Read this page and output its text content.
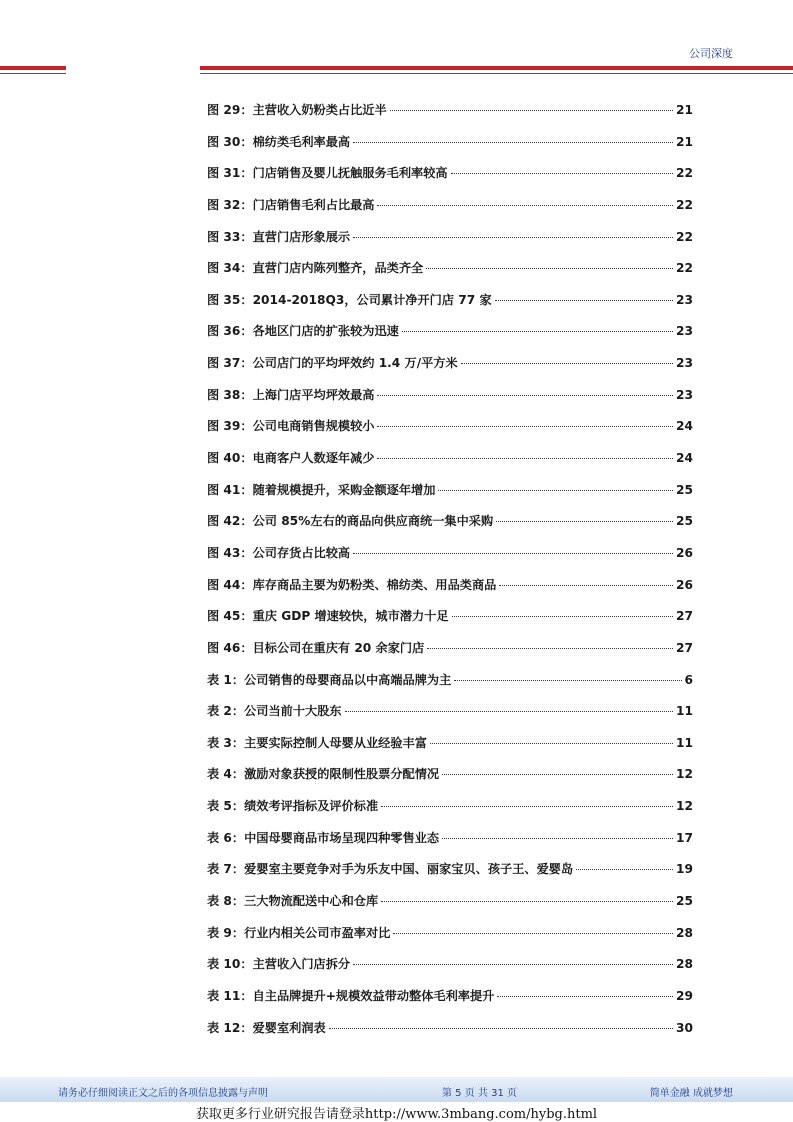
公司深度
图 29：主营收入奶粉类占比近半	21
图 30：棉纺类毛利率最高	21
图 31：门店销售及婴儿抚触服务毛利率较高	22
图 32：门店销售毛利占比最高	22
图 33：直营门店形象展示	22
图 34：直营门店内陈列整齐，品类齐全	22
图 35：2014-2018Q3，公司累计净开门店 77 家	23
图 36：各地区门店的扩张较为迅速	23
图 37：公司店门的平均坪效约 1.4 万/平方米	23
图 38：上海门店平均坪效最高	23
图 39：公司电商销售规模较小	24
图 40：电商客户人数逐年减少	24
图 41：随着规模提升，采购金额逐年增加	25
图 42：公司 85%左右的商品向供应商统一集中采购	25
图 43：公司存货占比较高	26
图 44：库存商品主要为奶粉类、棉纺类、用品类商品	26
图 45：重庆 GDP 增速较快，城市潜力十足	27
图 46：目标公司在重庆有 20 余家门店	27
表 1：公司销售的母婴商品以中高端品牌为主	6
表 2：公司当前十大股东	11
表 3：主要实际控制人母婴从业经验丰富	11
表 4：激励对象获授的限制性股票分配情况	12
表 5：绩效考评指标及评价标准	12
表 6：中国母婴商品市场呈现四种零售业态	17
表 7：爱婴室主要竞争对手为乐友中国、丽家宝贝、孩子王、爱婴岛	19
表 8：三大物流配送中心和仓库	25
表 9：行业内相关公司市盈率对比	28
表 10：主营收入门店拆分	28
表 11：自主品牌提升+规模效益带动整体毛利率提升	29
表 12：爱婴室利润表	30
请务必仔细阅读正文之后的各项信息披露与声明	第 5 页 共 31 页	简单金融 成就梦想
获取更多行业研究报告请登录http://www.3mbang.com/hybg.html
